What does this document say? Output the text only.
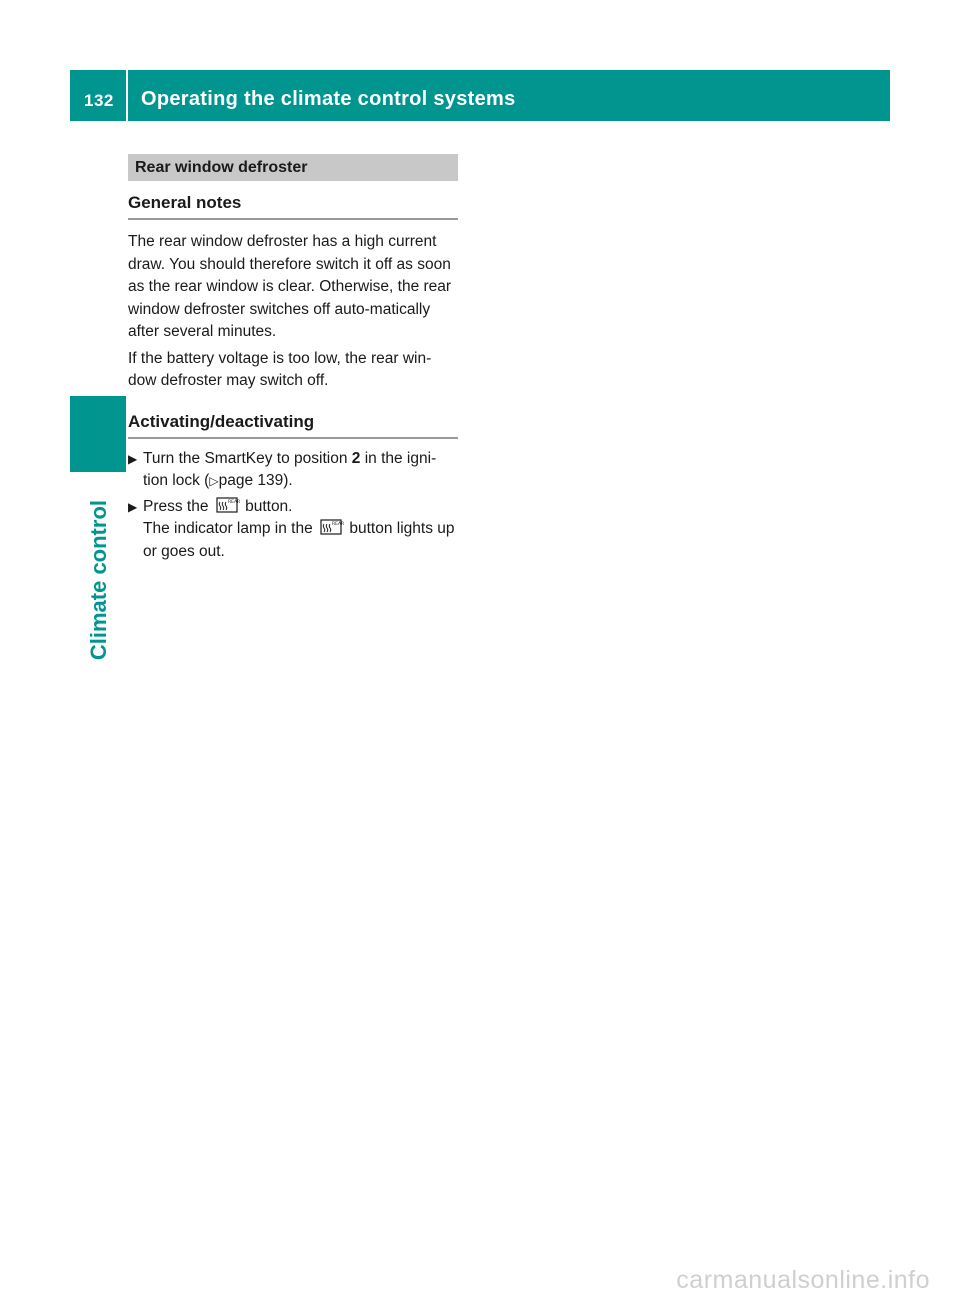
132 Operating the climate control systems
Climate control
Rear window defroster
General notes

The rear window defroster has a high current draw. You should therefore switch it off as soon as the rear window is clear. Otherwise, the rear window defroster switches off auto-matically after several minutes.

If the battery voltage is too low, the rear win-dow defroster may switch off.

Activating/deactivating
▶ Turn the SmartKey to position 2 in the igni-tion lock (▷page 139).
▶ Press the	REAR button.
The indicator lamp in the	REAR button lights up or goes out.
carmanualsonline.info
